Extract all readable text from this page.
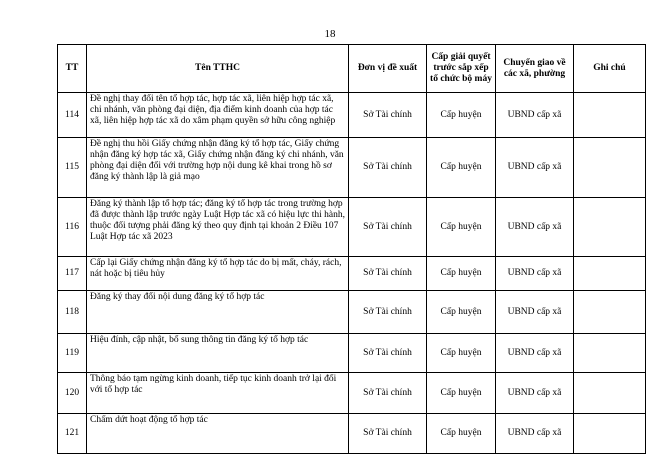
18
TT	Tên TTHC	Đơn vị đề xuất	Cấp giải quyết trước sắp xếp tổ chức bộ máy	Chuyển giao về các xã, phường	Ghi chú
114	Đề nghị thay đổi tên tổ hợp tác, hợp tác xã, liên hiệp hợp tác xã, chi nhánh, văn phòng đại diện, địa điểm kinh doanh của hợp tác xã, liên hiệp hợp tác xã do xâm phạm quyền sở hữu công nghiệp	Sở Tài chính	Cấp huyện	UBND cấp xã	
115	Đề nghị thu hồi Giấy chứng nhận đăng ký tổ hợp tác, Giấy chứng nhận đăng ký hợp tác xã, Giấy chứng nhận đăng ký chi nhánh, văn phòng đại diện đối với trường hợp nội dung kê khai trong hồ sơ đăng ký thành lập là giả mạo	Sở Tài chính	Cấp huyện	UBND cấp xã	
116	Đăng ký thành lập tổ hợp tác; đăng ký tổ hợp tác trong trường hợp đã được thành lập trước ngày Luật Hợp tác xã có hiệu lực thi hành, thuộc đối tượng phải đăng ký theo quy định tại khoản 2 Điều 107 Luật Hợp tác xã 2023	Sở Tài chính	Cấp huyện	UBND cấp xã	
117	Cấp lại Giấy chứng nhận đăng ký tổ hợp tác do bị mất, cháy, rách, nát hoặc bị tiêu hủy	Sở Tài chính	Cấp huyện	UBND cấp xã	
118	Đăng ký thay đổi nội dung đăng ký tổ hợp tác	Sở Tài chính	Cấp huyện	UBND cấp xã	
119	Hiệu đính, cập nhật, bổ sung thông tin đăng ký tổ hợp tác	Sở Tài chính	Cấp huyện	UBND cấp xã	
120	Thông báo tạm ngừng kinh doanh, tiếp tục kinh doanh trở lại đối với tổ hợp tác	Sở Tài chính	Cấp huyện	UBND cấp xã	
121	Chấm dứt hoạt động tổ hợp tác	Sở Tài chính	Cấp huyện	UBND cấp xã	
